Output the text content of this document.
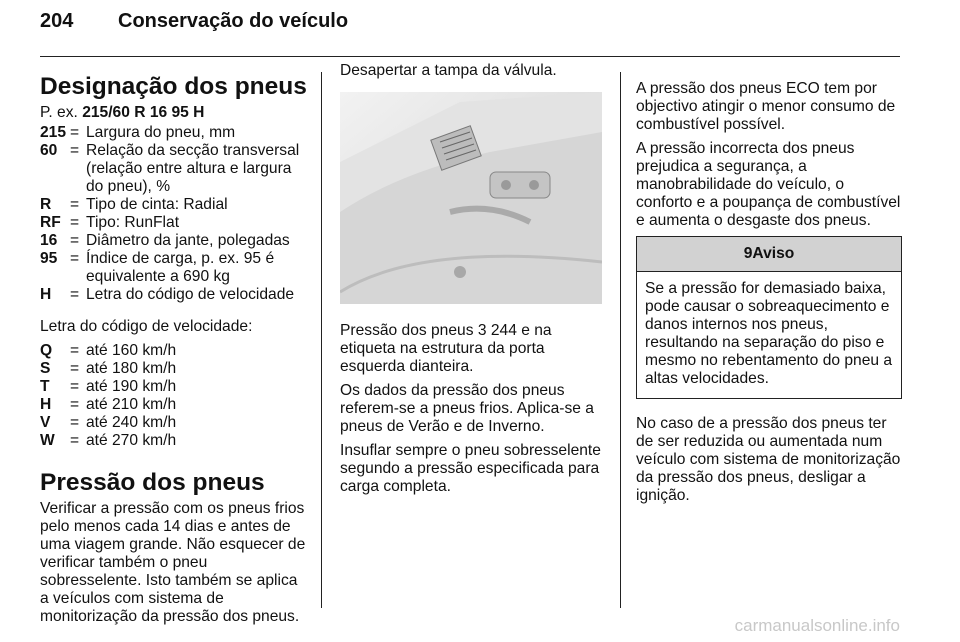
204 Conservação do veículo
Designação dos pneus
P. ex. 215/60 R 16 95 H
215 = Largura do pneu, mm
60 = Relação da secção transversal (relação entre altura e largura do pneu), %
R	= Tipo de cinta: Radial
RF = Tipo: RunFlat
16 = Diâmetro da jante, polegadas
95 = Índice de carga, p. ex. 95 é equivalente a 690 kg
H	= Letra do código de velocidade

Letra do código de velocidade:

Q	= até 160 km/h
S	= até 180 km/h
T	= até 190 km/h
H	= até 210 km/h
V	= até 240 km/h
W = até 270 km/h
Pressão dos pneus

Verificar a pressão com os pneus frios pelo menos cada 14 dias e antes de uma viagem grande. Não esquecer de verificar também o pneu sobresselente. Isto também se aplica a veículos com sistema de monitorização da pressão dos pneus.

Desapertar a tampa da válvula.

Pressão dos pneus 3 244 e na etiqueta na estrutura da porta esquerda dianteira.

Os dados da pressão dos pneus referem-se a pneus frios. Aplica-se a pneus de Verão e de Inverno.

Insuflar sempre o pneu sobresselente segundo a pressão especificada para carga completa.

A pressão dos pneus ECO tem por objectivo atingir o menor consumo de combustível possível.

A pressão incorrecta dos pneus prejudica a segurança, a manobrabilidade do veículo, o conforto e a poupança de combustível e aumenta o desgaste dos pneus.

9Aviso
Se a pressão for demasiado baixa, pode causar o sobreaquecimento e danos internos nos pneus, resultando na separação do piso e mesmo no rebentamento do pneu a altas velocidades.

No caso de a pressão dos pneus ter de ser reduzida ou aumentada num veículo com sistema de monitorização da pressão dos pneus, desligar a ignição.

carmanualsonline.info
